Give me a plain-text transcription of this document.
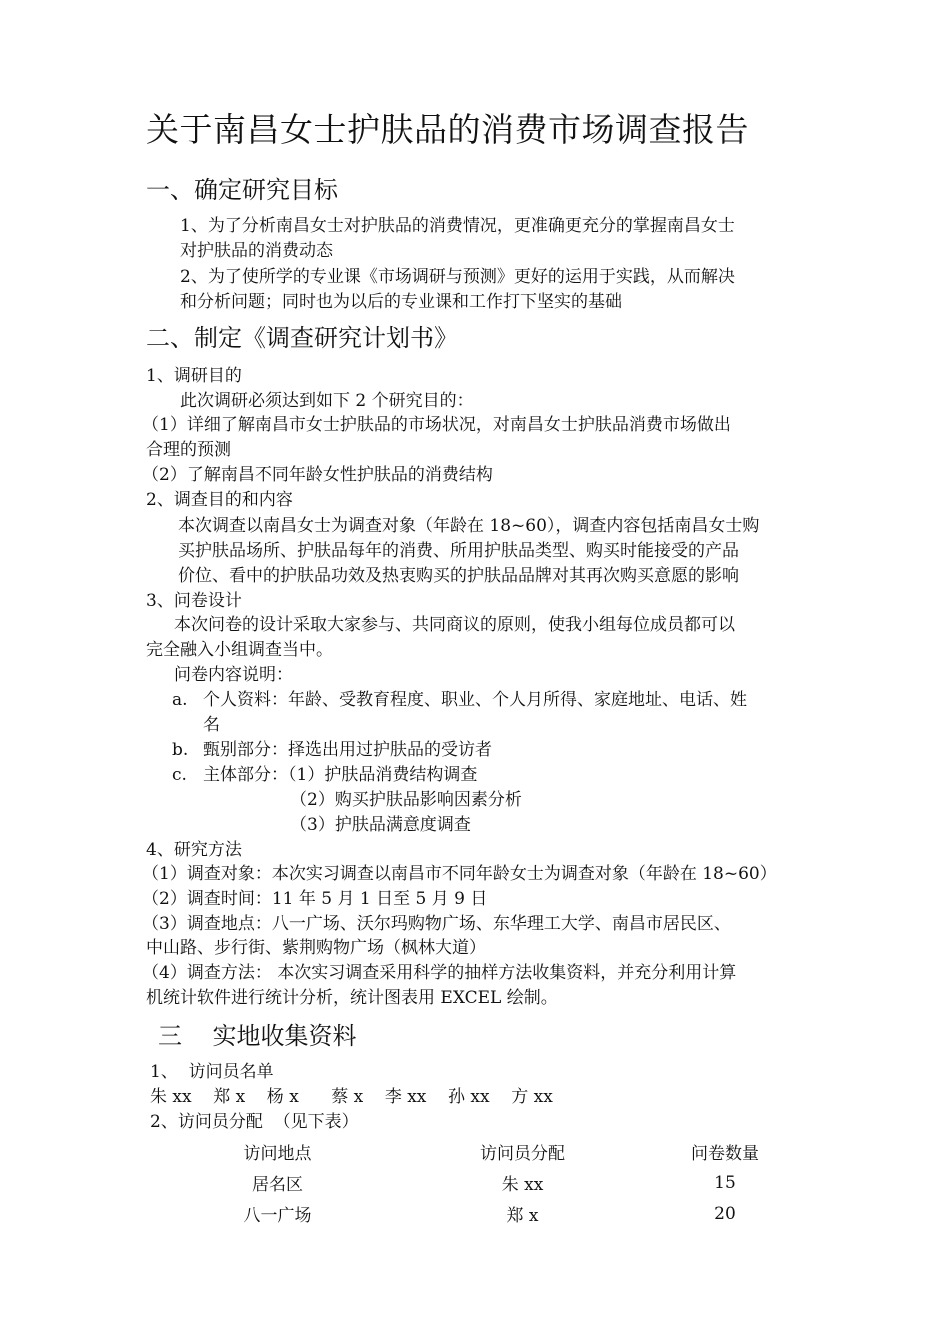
关于南昌女士护肤品的消费市场调查报告
一、确定研究目标
1、为了分析南昌女士对护肤品的消费情况，更准确更充分的掌握南昌女士
对护肤品的消费动态
2、为了使所学的专业课《市场调研与预测》更好的运用于实践，从而解决
和分析问题；同时也为以后的专业课和工作打下坚实的基础
二、制定《调查研究计划书》
1、调研目的
此次调研必须达到如下 2 个研究目的：
（1）详细了解南昌市女士护肤品的市场状况，对南昌女士护肤品消费市场做出
合理的预测
（2）了解南昌不同年龄女性护肤品的消费结构
2、调查目的和内容
本次调查以南昌女士为调查对象（年龄在 18~60），调查内容包括南昌女士购
买护肤品场所、护肤品每年的消费、所用护肤品类型、购买时能接受的产品
价位、看中的护肤品功效及热衷购买的护肤品品牌对其再次购买意愿的影响
3、问卷设计
本次问卷的设计采取大家参与、共同商议的原则，使我小组每位成员都可以
完全融入小组调查当中。
问卷内容说明：
a. 个人资料：年龄、受教育程度、职业、个人月所得、家庭地址、电话、姓
名
b. 甄别部分：择选出用过护肤品的受访者
c. 主体部分：（1）护肤品消费结构调查
（2）购买护肤品影响因素分析
（3）护肤品满意度调查
4、研究方法
（1）调查对象：本次实习调查以南昌市不同年龄女士为调查对象（年龄在 18~60）
（2）调查时间：11 年 5 月 1 日至 5 月 9 日
（3）调查地点：八一广场、沃尔玛购物广场、东华理工大学、南昌市居民区、
中山路、步行街、紫荆购物广场（枫林大道）
（4）调查方法： 本次实习调查采用科学的抽样方法收集资料，并充分利用计算
机统计软件进行统计分析，统计图表用 EXCEL 绘制。
三    实地收集资料
1、  访问员名单
朱 xx    郑 x    杨 x      蔡 x    李 xx    孙 xx    方 xx
2、访问员分配  （见下表）
访问地点	访问员分配	问卷数量
居名区	朱 xx	15
八一广场	郑 x	20
